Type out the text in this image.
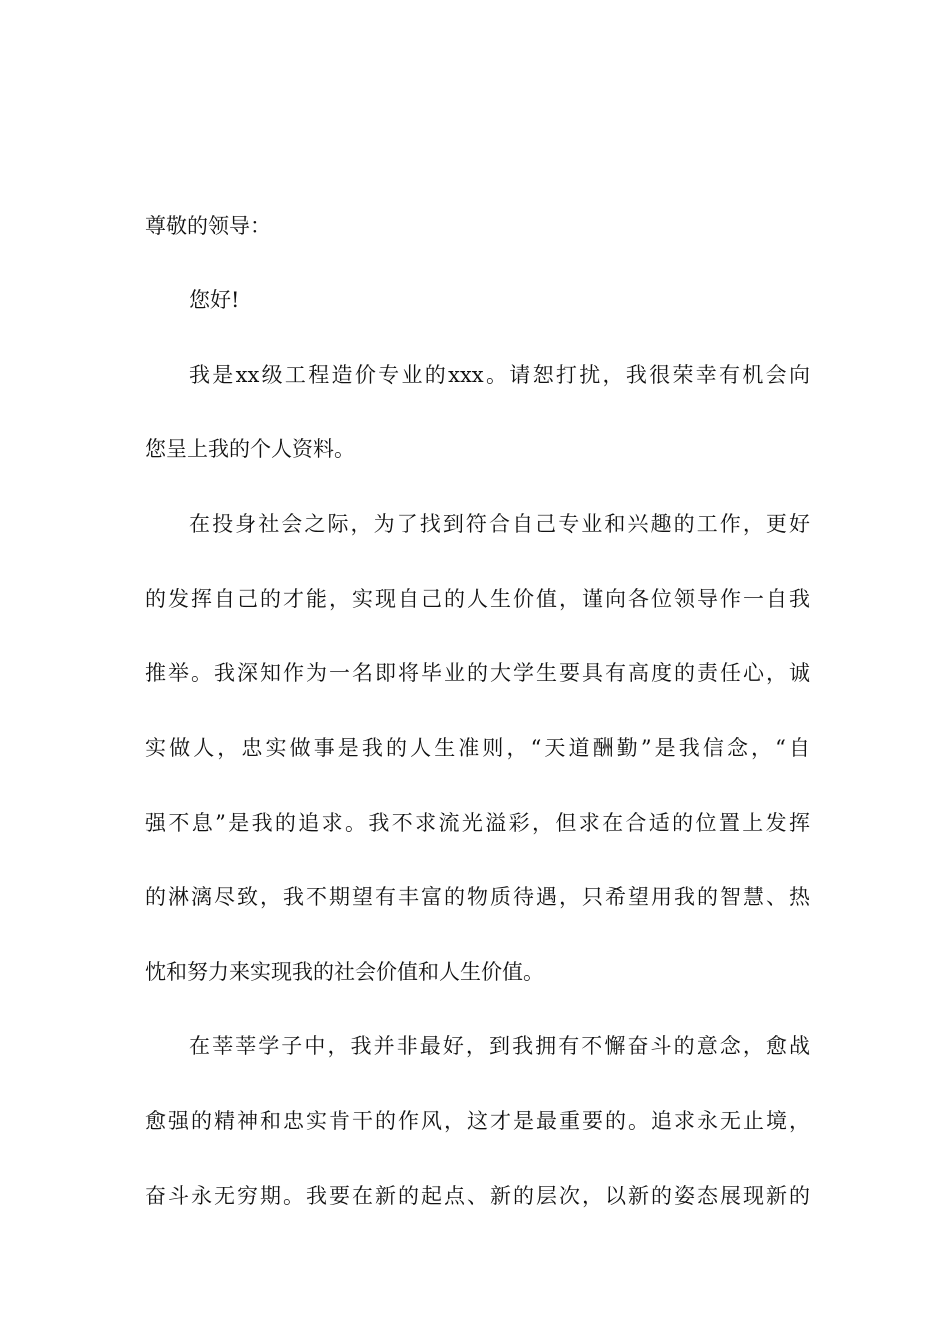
尊敬的领导：
您好!
我是xx级工程造价专业的xxx。请恕打扰，我很荣幸有机会向
您呈上我的个人资料。
在投身社会之际，为了找到符合自己专业和兴趣的工作，更好
的发挥自己的才能，实现自己的人生价值，谨向各位领导作一自我
推举。我深知作为一名即将毕业的大学生要具有高度的责任心，诚
实做人，忠实做事是我的人生准则，“天道酬勤”是我信念，“自
强不息”是我的追求。我不求流光溢彩，但求在合适的位置上发挥
的淋漓尽致，我不期望有丰富的物质待遇，只希望用我的智慧、热
忱和努力来实现我的社会价值和人生价值。
在莘莘学子中，我并非最好，到我拥有不懈奋斗的意念，愈战
愈强的精神和忠实肯干的作风，这才是最重要的。追求永无止境，
奋斗永无穷期。我要在新的起点、新的层次，以新的姿态展现新的
